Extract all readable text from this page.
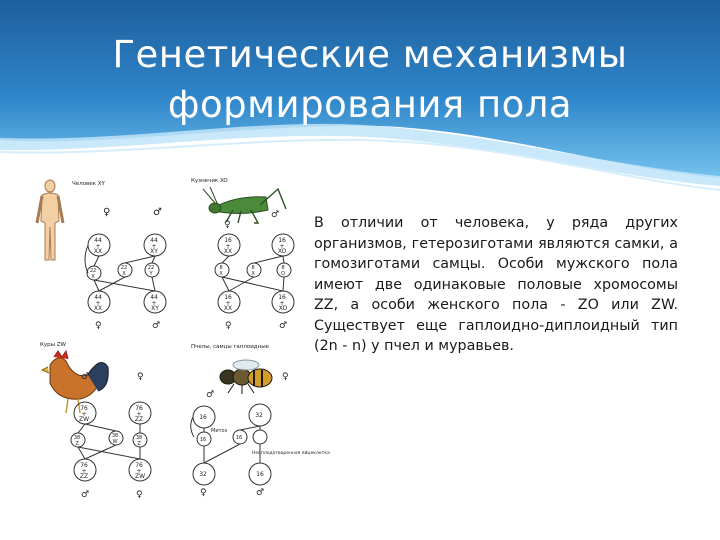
Генетические механизмы
формирования пола
Человек XY
♂
♀
44 + XX 44 + XY 22 X 22 X 22 Y 44 + XX 44 + XY
♀	♂
Кузнечик XO
♂
♀
16 + XX 16 + XO 8 X 8 X 8 O 16 + XX 16 + XO
♀	♂
Куры ZW
♂	♀
76 + ZW 76 + ZZ 38 Z 38 W 38 Z 76 + ZZ 76 + ZW
♂	♀
Пчелы, самцы гаплоидные
♀
♂
16	32 16	16 32	16
Митоз
Неоплодотворенная яйцеклетка
♀	♂

В отличии от человека, у ряда других организмов, гетерозиготами являются самки, а гомозиготами самцы. Особи мужского пола имеют две одинаковые половые хромосомы ZZ, а особи женского пола - ZO или ZW. Существует еще гаплоидно-диплоидный тип (2n - n) у пчел и муравьев.
